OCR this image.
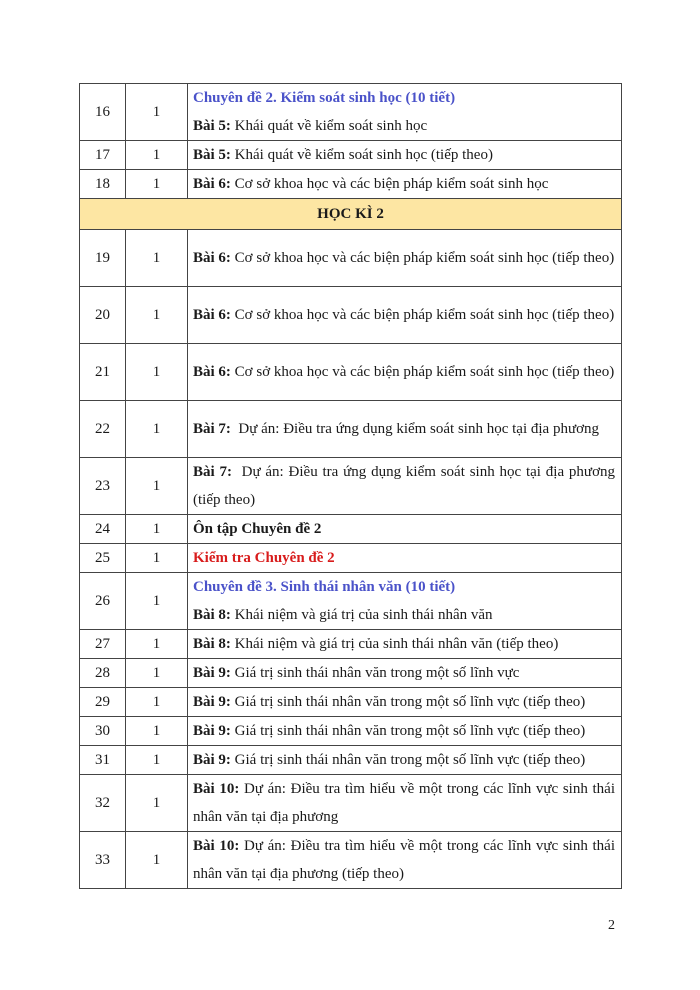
16	1	Chuyên đề 2. Kiểm soát sinh học (10 tiết)
Bài 5: Khái quát về kiểm soát sinh học
17	1	Bài 5: Khái quát về kiểm soát sinh học (tiếp theo)
18	1	Bài 6: Cơ sở khoa học và các biện pháp kiểm soát sinh học
HỌC KÌ 2		
19	1	Bài 6: Cơ sở khoa học và các biện pháp kiểm soát sinh học (tiếp theo)
20	1	Bài 6: Cơ sở khoa học và các biện pháp kiểm soát sinh học (tiếp theo)
21	1	Bài 6: Cơ sở khoa học và các biện pháp kiểm soát sinh học (tiếp theo)
22	1	Bài 7:  Dự án: Điều tra ứng dụng kiểm soát sinh học tại địa phương
23	1	Bài 7:  Dự án: Điều tra ứng dụng kiểm soát sinh học tại địa phương (tiếp theo)
24	1	Ôn tập Chuyên đề 2
25	1	Kiểm tra Chuyên đề 2
26	1	Chuyên đề 3. Sinh thái nhân văn (10 tiết)
Bài 8: Khái niệm và giá trị của sinh thái nhân văn
27	1	Bài 8: Khái niệm và giá trị của sinh thái nhân văn (tiếp theo)
28	1	Bài 9: Giá trị sinh thái nhân văn trong một số lĩnh vực
29	1	Bài 9: Giá trị sinh thái nhân văn trong một số lĩnh vực (tiếp theo)
30	1	Bài 9: Giá trị sinh thái nhân văn trong một số lĩnh vực (tiếp theo)
31	1	Bài 9: Giá trị sinh thái nhân văn trong một số lĩnh vực (tiếp theo)
32	1	Bài 10: Dự án: Điều tra tìm hiểu về một trong các lĩnh vực sinh thái nhân văn tại địa phương
33	1	Bài 10: Dự án: Điều tra tìm hiểu về một trong các lĩnh vực sinh thái nhân văn tại địa phương (tiếp theo)
2
